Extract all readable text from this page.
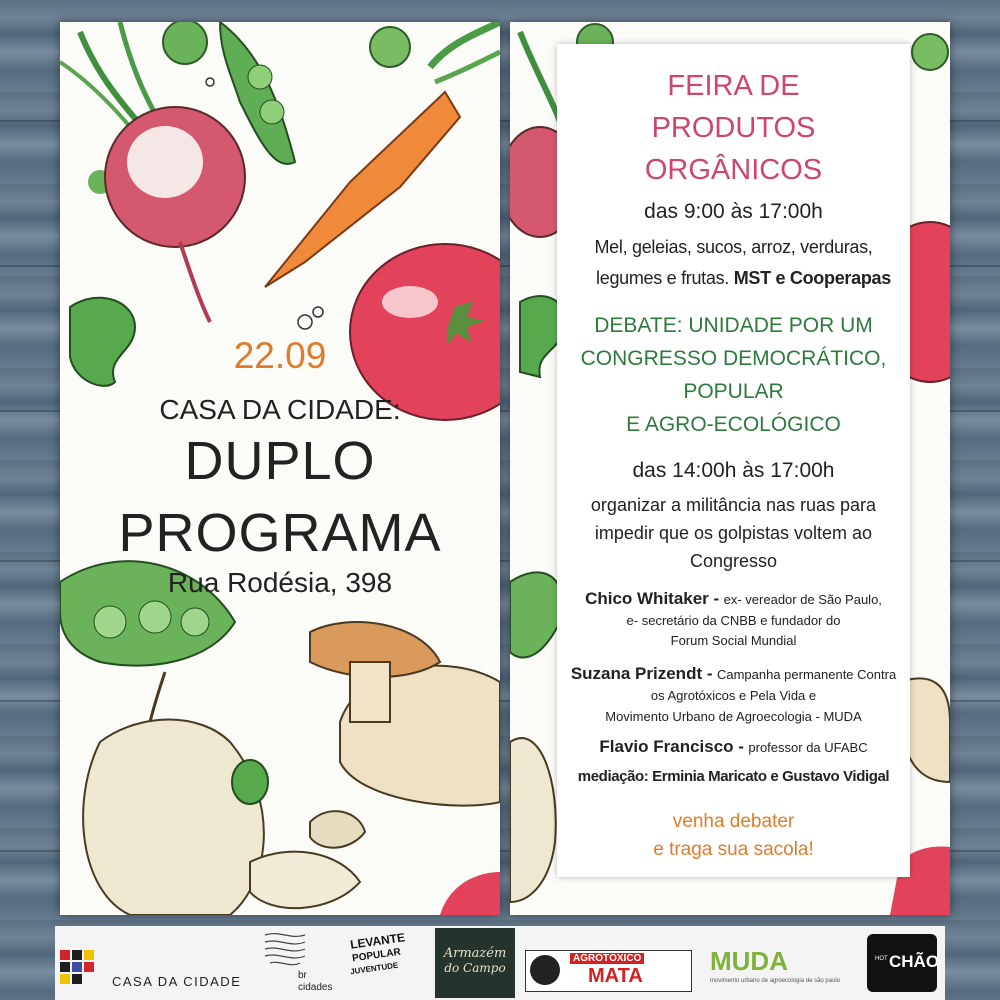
22.09
CASA DA CIDADE:
DUPLO
PROGRAMA
Rua Rodésia, 398
FEIRA DE
PRODUTOS
ORGÂNICOS
das 9:00 às 17:00h
Mel, geleias, sucos, arroz, verduras,
legumes e frutas. MST e Cooperapas
DEBATE: UNIDADE POR UM
CONGRESSO DEMOCRÁTICO,
POPULAR
E AGRO-ECOLÓGICO
das 14:00h às 17:00h
organizar a militância nas ruas para
impedir que os golpistas voltem ao
Congresso
Chico Whitaker - ex- vereador de São Paulo,
e- secretário da CNBB e fundador do
Forum Social Mundial
Suzana Prizendt - Campanha permanente Contra
os Agrotóxicos e Pela Vida e
Movimento Urbano de Agroecologia - MUDA
Flavio Francisco - professor da UFABC
mediação: Erminia Maricato e Gustavo Vidigal
venha debater
e traga sua sacola!
CASA DA CIDADE	br
cidades
LEVANTE
POPULAR
JUVENTUDE
Armazém
do Campo
AGROTÓXICO
MATA	MUDA
movimento urbano de agroecologia de são paulo
HOT CHÃO
